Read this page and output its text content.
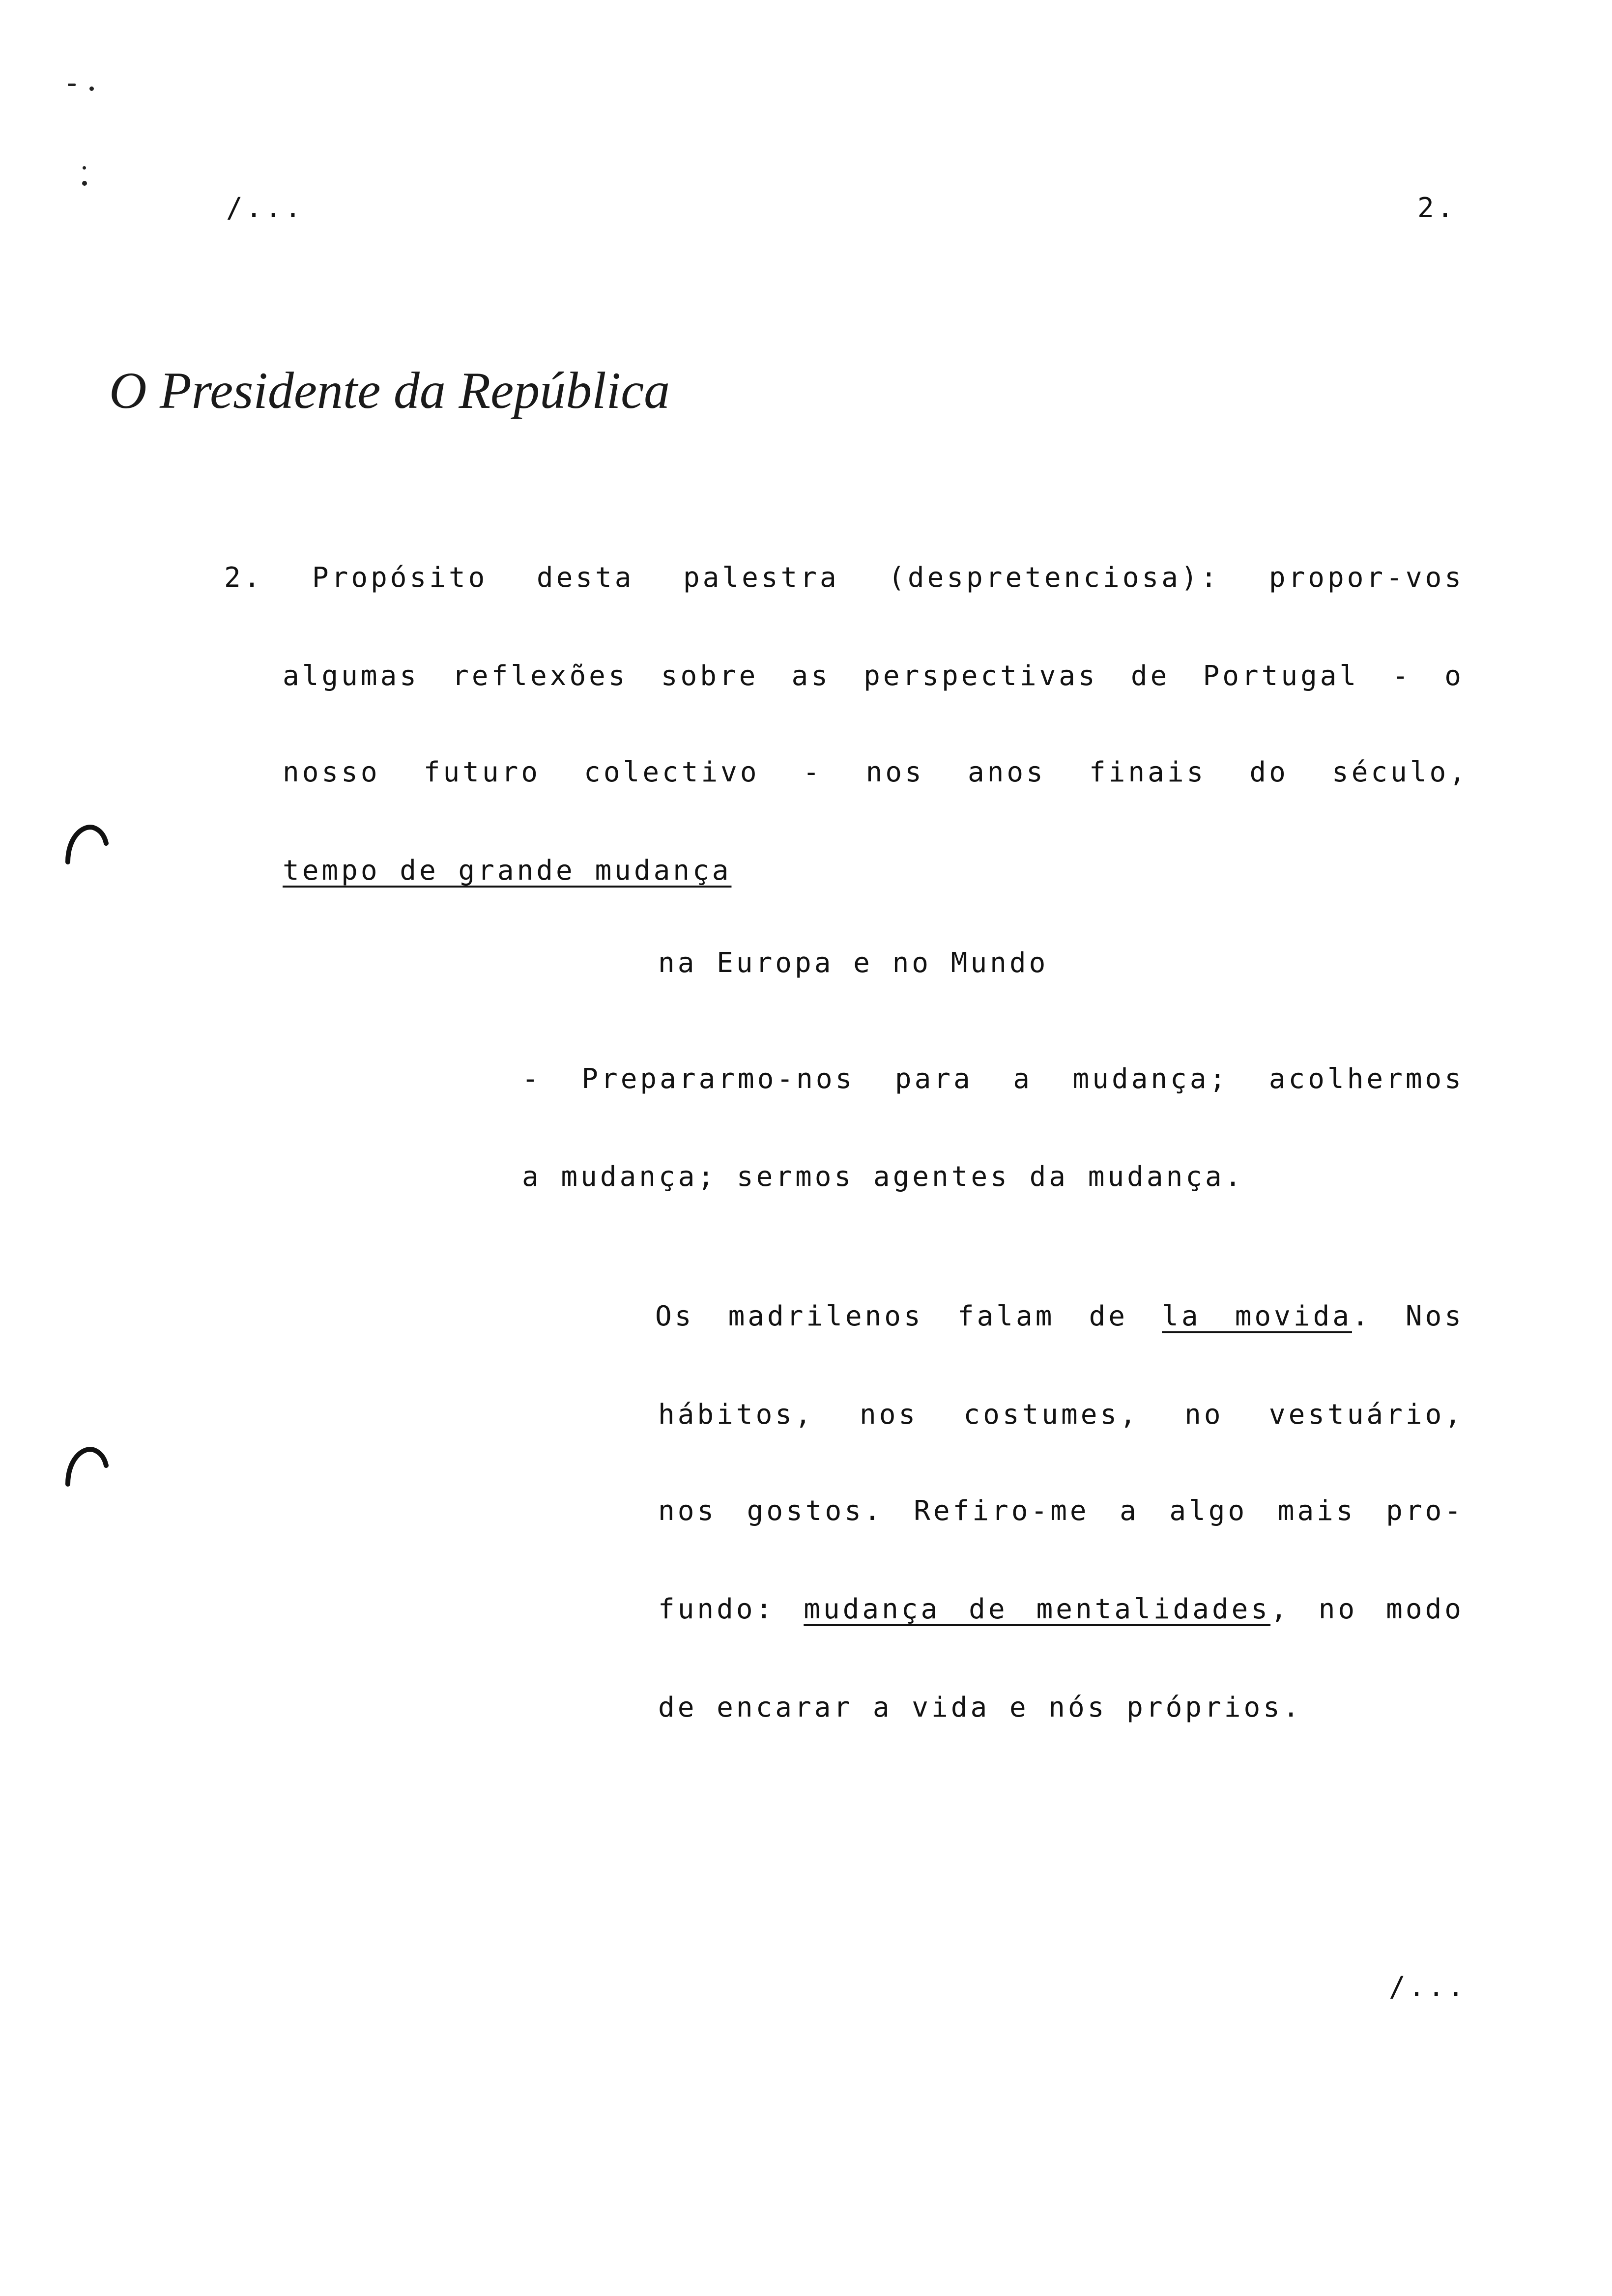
/...	2.
O Presidente da República
2. Propósito desta palestra (despretenciosa): propor-vos
algumas reflexões sobre as perspectivas de Portugal - o
nosso futuro colectivo - nos anos finais do século,
tempo de grande mudança
na Europa e no Mundo
- Prepararmo-nos para a mudança; acolhermos
a mudança; sermos agentes da mudança.
Os madrilenos falam de la movida. Nos
hábitos, nos costumes, no vestuário,
nos gostos. Refiro-me a algo mais pro-
fundo: mudança de mentalidades, no modo
de encarar a vida e nós próprios.
/...
